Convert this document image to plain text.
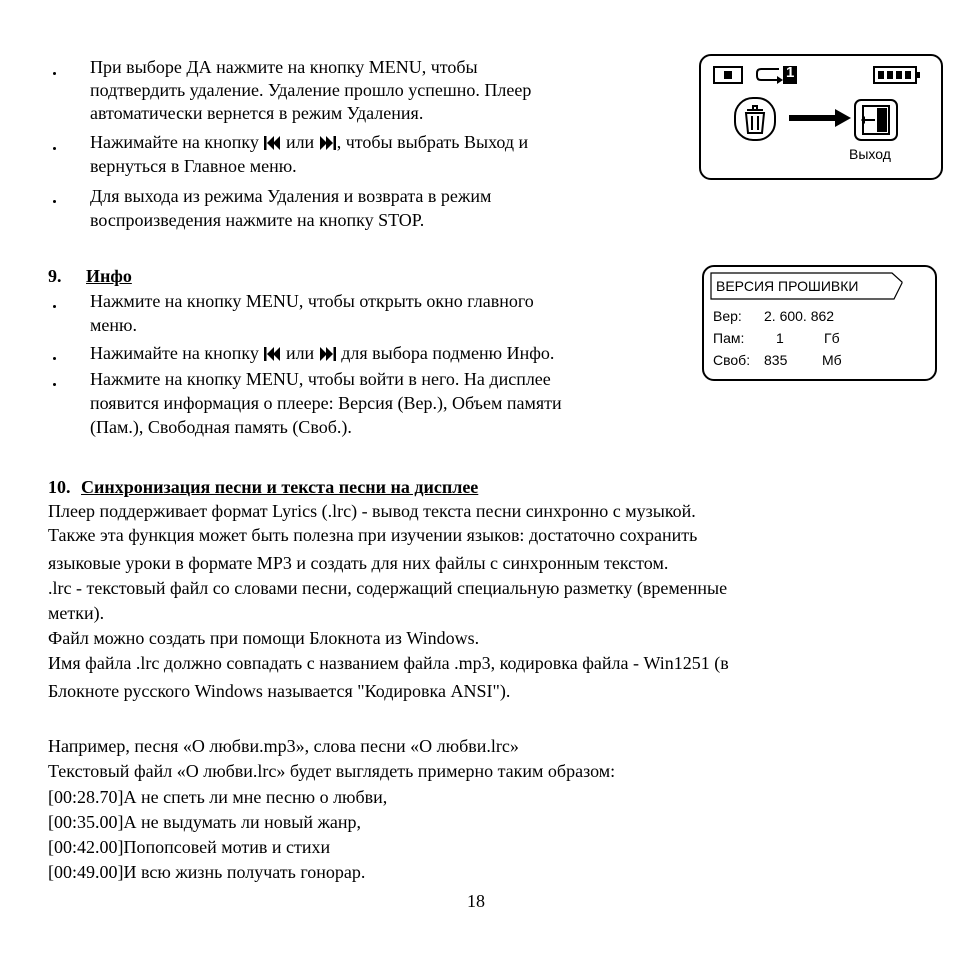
При выборе ДА нажмите на кнопку MENU, чтобы
подтвердить удаление. Удаление прошло успешно. Плеер
автоматически вернется в режим Удаления.
Нажимайте на кнопку или , чтобы выбрать Выход и
вернуться в Главное меню.
Для выхода из режима Удаления и возврата в режим
воспроизведения нажмите на кнопку STOP.
1
Выход
9. Инфо
Нажмите на кнопку MENU, чтобы открыть окно главного
меню.
Нажимайте на кнопку или для выбора подменю Инфо.
Нажмите на кнопку MENU, чтобы войти в него. На дисплее
появится информация о плеере: Версия (Вер.), Объем памяти
(Пам.), Свободная память (Своб.).
ВЕРСИЯ ПРОШИВКИ
Вер: 2. 600. 862
Пам: 1	Гб
Своб: 835 Мб
10. Синхронизация песни и текста песни на дисплее
Плеер поддерживает формат Lyrics (.lrc) - вывод текста песни синхронно с музыкой.
Также эта функция может быть полезна при изучении языков: достаточно сохранить
языковые уроки в формате MP3 и создать для них файлы с синхронным текстом.
.lrc - текстовый файл со словами песни, содержащий специальную разметку (временные
метки).
Файл можно создать при помощи Блокнота из Windows.
Имя файла .lrc должно совпадать с названием файла .mp3, кодировка файла - Win1251 (в
Блокноте русского Windows называется "Кодировка ANSI").
Например, песня «О любви.mp3», слова песни «О любви.lrc»
Текстовый файл «О любви.lrc» будет выглядеть примерно таким образом:
[00:28.70]А не спеть ли мне песню о любви,
[00:35.00]А не выдумать ли новый жанр,
[00:42.00]Попопсовей мотив и стихи
[00:49.00]И всю жизнь получать гонорар.
18
